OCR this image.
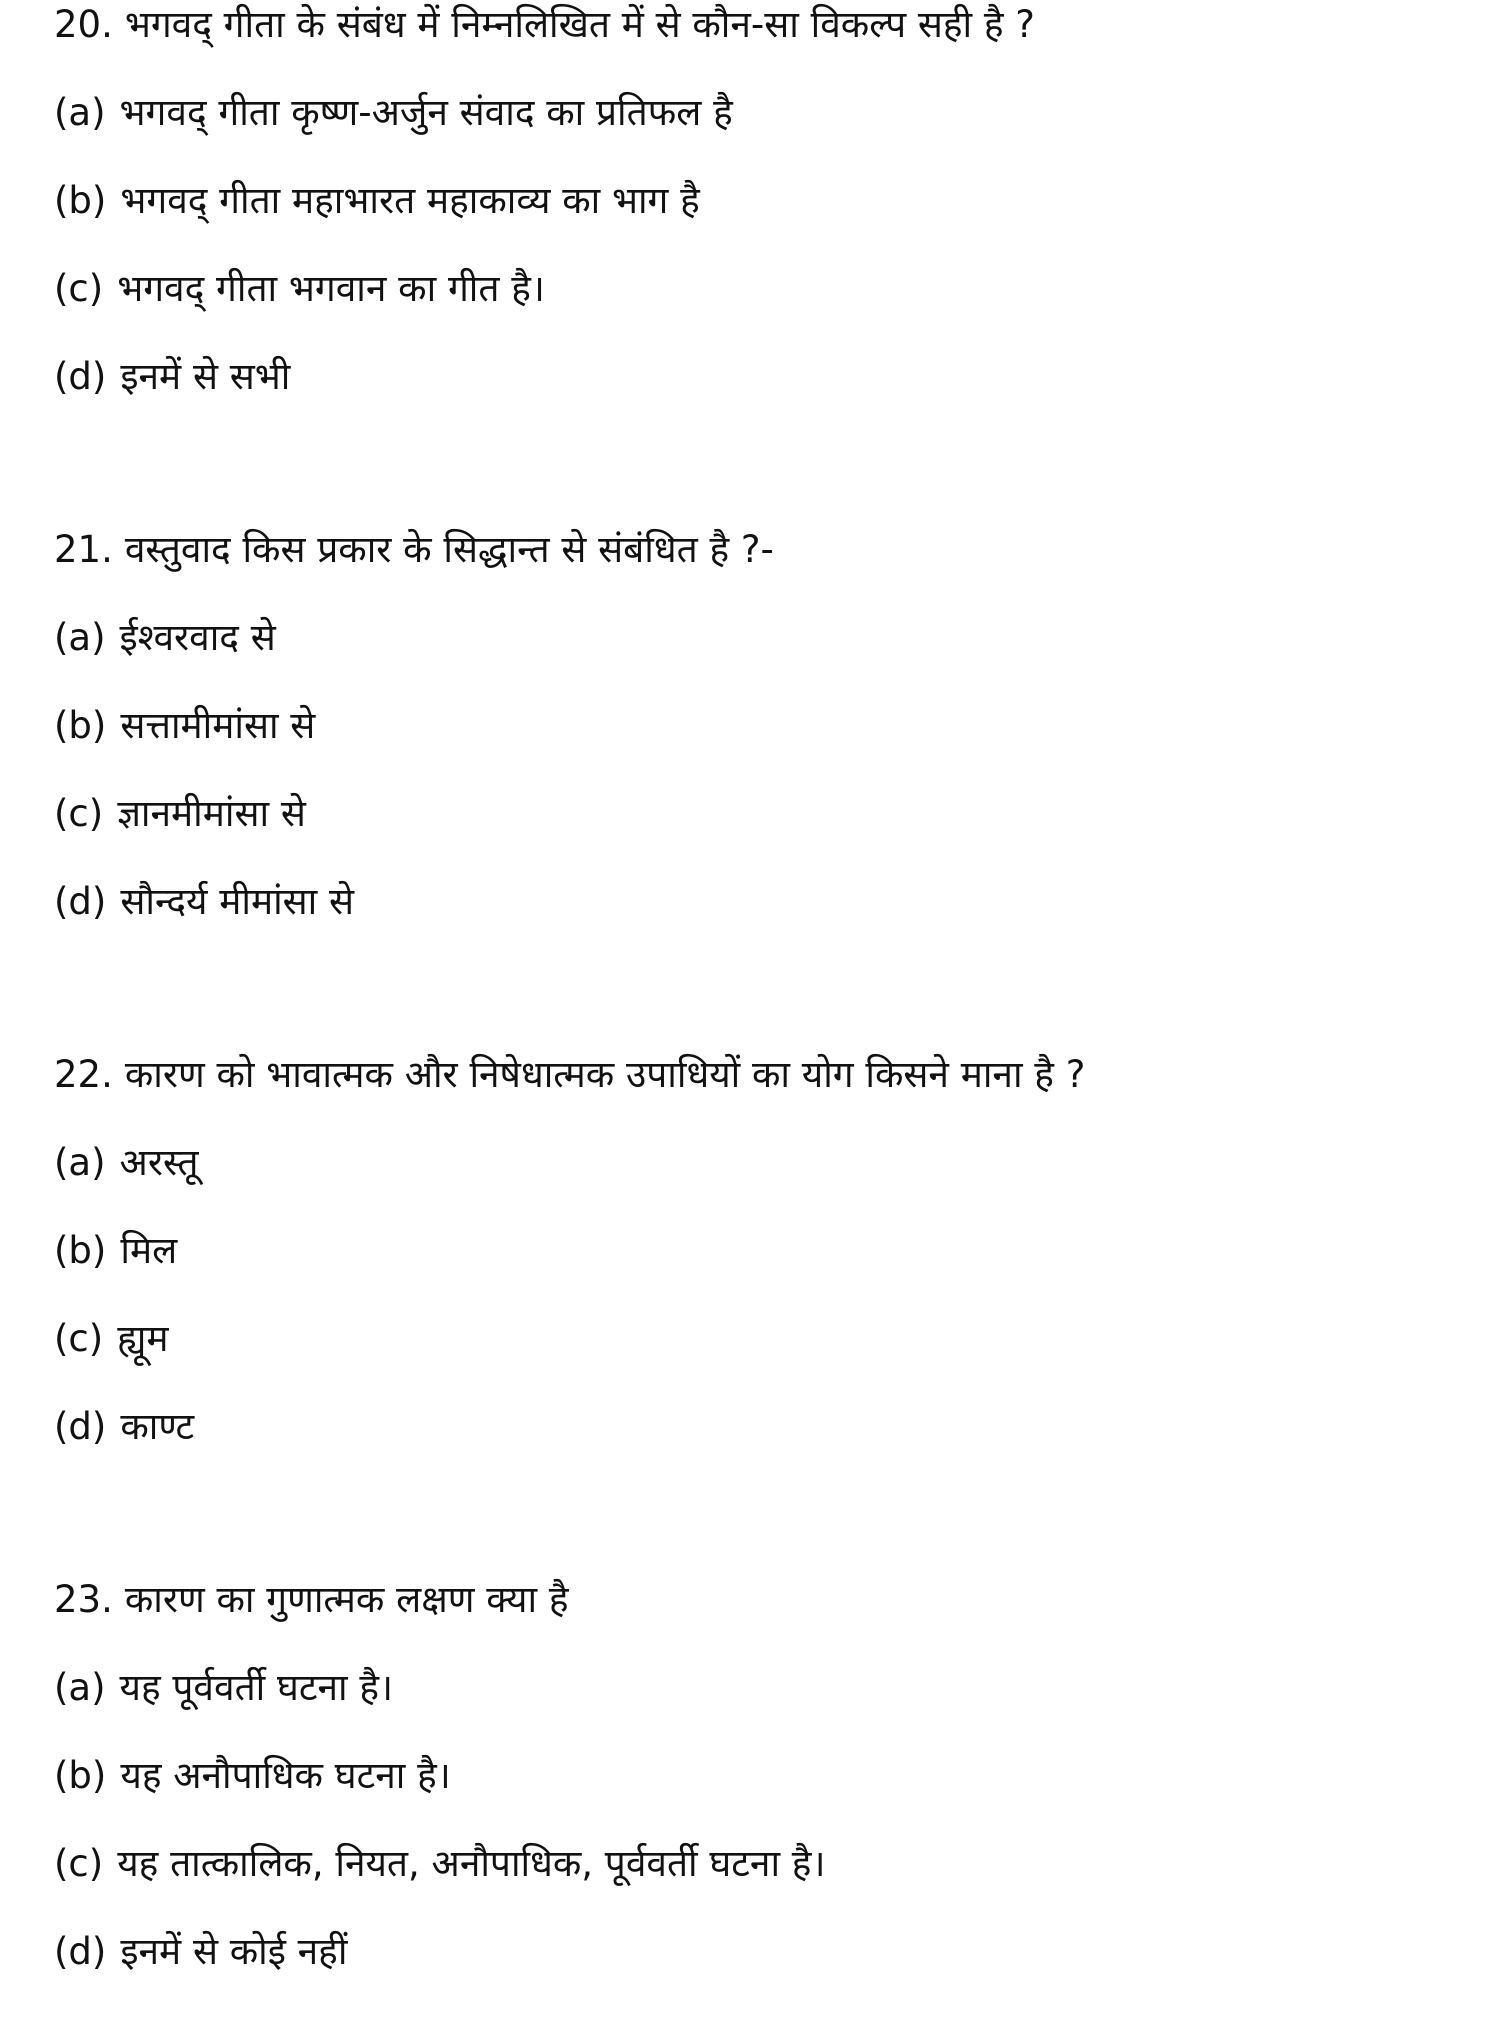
20. भगवद् गीता के संबंध में निम्नलिखित में से कौन-सा विकल्प सही है ?
(a) भगवद् गीता कृष्ण-अर्जुन संवाद का प्रतिफल है
(b) भगवद् गीता महाभारत महाकाव्य का भाग है
(c) भगवद् गीता भगवान का गीत है।
(d) इनमें से सभी
21. वस्तुवाद किस प्रकार के सिद्धान्त से संबंधित है ?-
(a) ईश्वरवाद से
(b) सत्तामीमांसा से
(c) ज्ञानमीमांसा से
(d) सौन्दर्य मीमांसा से
22. कारण को भावात्मक और निषेधात्मक उपाधियों का योग किसने माना है ?
(a) अरस्तू
(b) मिल
(c) ह्यूम
(d) काण्ट
23. कारण का गुणात्मक लक्षण क्या है
(a) यह पूर्ववर्ती घटना है।
(b) यह अनौपाधिक घटना है।
(c) यह तात्कालिक, नियत, अनौपाधिक, पूर्ववर्ती घटना है।
(d) इनमें से कोई नहीं
